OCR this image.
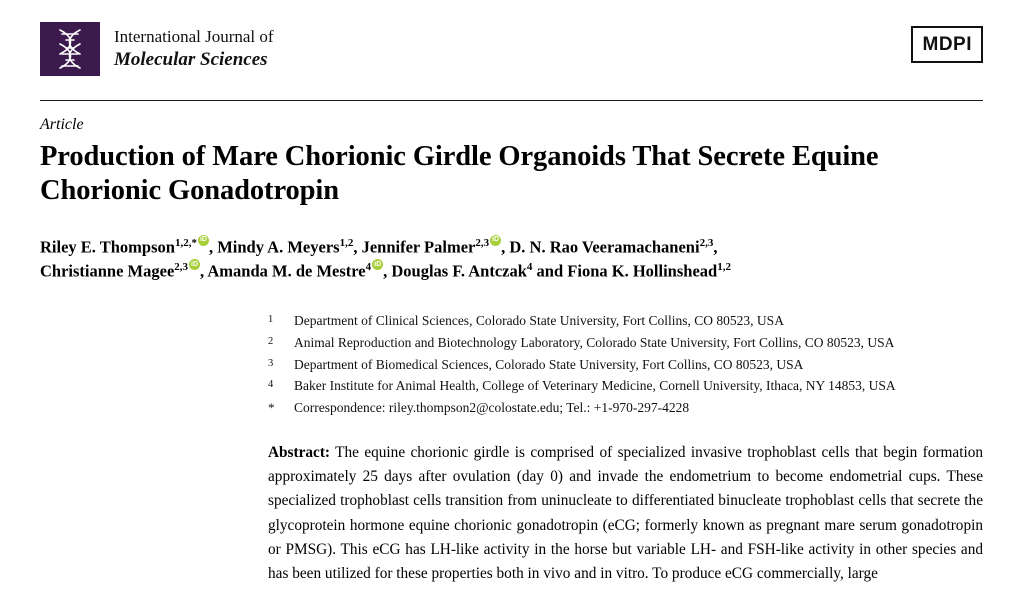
International Journal of
Molecular Sciences
MDPI
Article
Production of Mare Chorionic Girdle Organoids That Secrete Equine Chorionic Gonadotropin
Riley E. Thompson$^{1,2,*}$ , Mindy A. Meyers$^{1,2}$, Jennifer Palmer$^{2,3}$ , D. N. Rao Veeramachaneni$^{2,3}$,
Christianne Magee$^{2,3}$ , Amanda M. de Mestre$^4$ , Douglas F. Antczak$^4$ and Fiona K. Hollinshead$^{1,2}$
1	Department of Clinical Sciences, Colorado State University, Fort Collins, CO 80523, USA
2	Animal Reproduction and Biotechnology Laboratory, Colorado State University, Fort Collins, CO 80523, USA
3	Department of Biomedical Sciences, Colorado State University, Fort Collins, CO 80523, USA
4	Baker Institute for Animal Health, College of Veterinary Medicine, Cornell University, Ithaca, NY 14853, USA
*	Correspondence: riley.thompson2@colostate.edu; Tel.: +1-970-297-4228
Abstract: The equine chorionic girdle is comprised of specialized invasive trophoblast cells that begin formation approximately 25 days after ovulation (day 0) and invade the endometrium to become endometrial cups. These specialized trophoblast cells transition from uninucleate to differentiated binucleate trophoblast cells that secrete the glycoprotein hormone equine chorionic gonadotropin (eCG; formerly known as pregnant mare serum gonadotropin or PMSG). This eCG has LH-like activity in the horse but variable LH- and FSH-like activity in other species and has been utilized for these properties both in vivo and in vitro. To produce eCG commercially, large
